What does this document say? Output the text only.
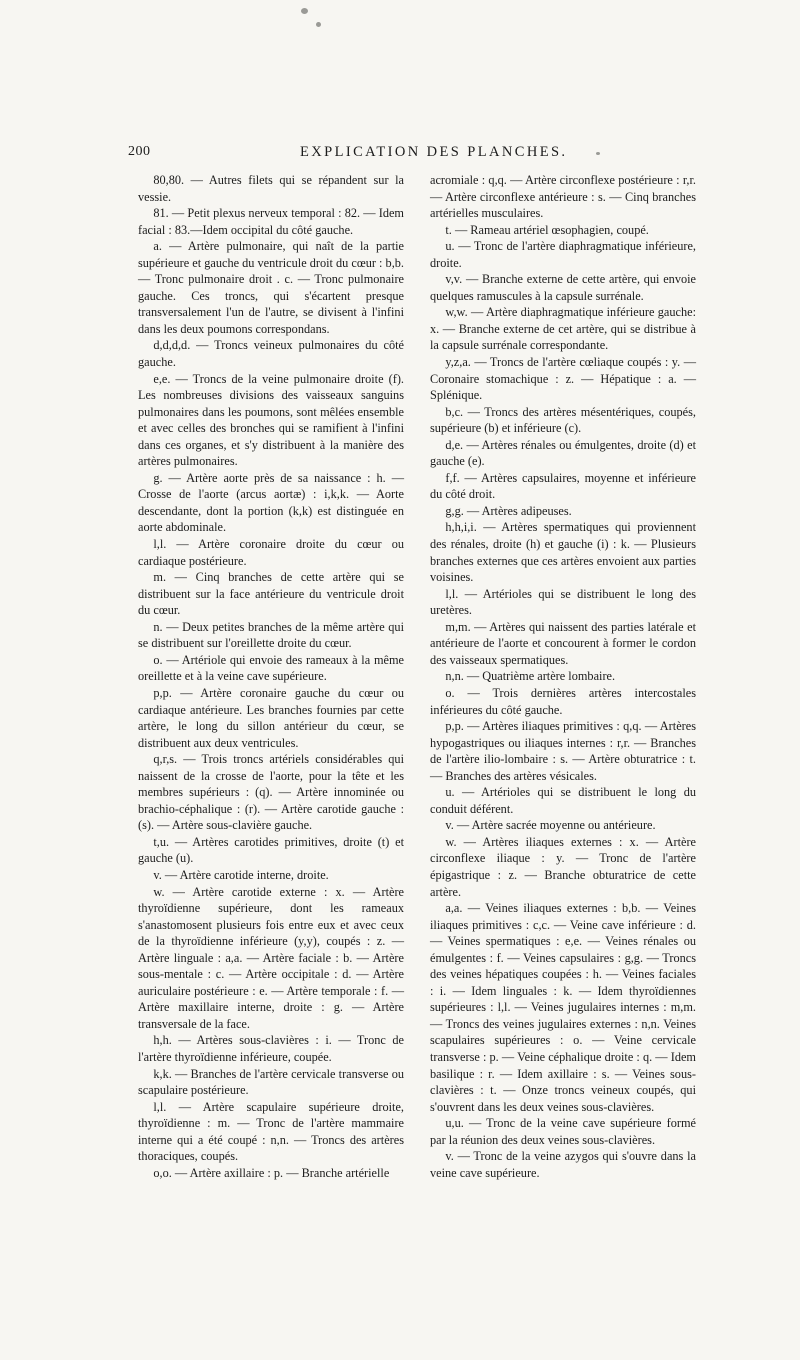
200	EXPLICATION DES PLANCHES.

80,80. — Autres filets qui se répandent sur la vessie.

81. — Petit plexus nerveux temporal : 82. — Idem facial : 83.—Idem occipital du côté gauche.

a. — Artère pulmonaire, qui naît de la partie supérieure et gauche du ventricule droit du cœur : b,b. — Tronc pulmonaire droit . c. — Tronc pulmonaire gauche. Ces troncs, qui s'écartent presque transversalement l'un de l'autre, se divisent à l'infini dans les deux poumons correspondans.

d,d,d,d. — Troncs veineux pulmonaires du côté gauche.

e,e. — Troncs de la veine pulmonaire droite (f). Les nombreuses divisions des vaisseaux sanguins pulmonaires dans les poumons, sont mêlées ensemble et avec celles des bronches qui se ramifient à l'infini dans ces organes, et s'y distribuent à la manière des artères pulmonaires.

g. — Artère aorte près de sa naissance : h. — Crosse de l'aorte (arcus aortæ) : i,k,k. — Aorte descendante, dont la portion (k,k) est distinguée en aorte abdominale.

l,l. — Artère coronaire droite du cœur ou cardiaque postérieure.

m. — Cinq branches de cette artère qui se distribuent sur la face antérieure du ventricule droit du cœur.

n. — Deux petites branches de la même artère qui se distribuent sur l'oreillette droite du cœur.

o. — Artériole qui envoie des rameaux à la même oreillette et à la veine cave supérieure.

p,p. — Artère coronaire gauche du cœur ou cardiaque antérieure. Les branches fournies par cette artère, le long du sillon antérieur du cœur, se distribuent aux deux ventricules.

q,r,s. — Trois troncs artériels considérables qui naissent de la crosse de l'aorte, pour la tête et les membres supérieurs : (q). — Artère innominée ou brachio-céphalique : (r). — Artère carotide gauche : (s). — Artère sous-clavière gauche.

t,u. — Artères carotides primitives, droite (t) et gauche (u).

v. — Artère carotide interne, droite.

w. — Artère carotide externe : x. — Artère thyroïdienne supérieure, dont les rameaux s'anastomosent plusieurs fois entre eux et avec ceux de la thyroïdienne inférieure (y,y), coupés : z. — Artère linguale : a,a. — Artère faciale : b. — Artère sous-mentale : c. — Artère occipitale : d. — Artère auriculaire postérieure : e. — Artère temporale : f. — Artère maxillaire interne, droite : g. — Artère transversale de la face.

h,h. — Artères sous-clavières : i. — Tronc de l'artère thyroïdienne inférieure, coupée.

k,k. — Branches de l'artère cervicale transverse ou scapulaire postérieure.

l,l. — Artère scapulaire supérieure droite, thyroïdienne : m. — Tronc de l'artère mammaire interne qui a été coupé : n,n. — Troncs des artères thoraciques, coupés.

o,o. — Artère axillaire : p. — Branche artérielle

acromiale : q,q. — Artère circonflexe postérieure : r,r. — Artère circonflexe antérieure : s. — Cinq branches artérielles musculaires.

t. — Rameau artériel œsophagien, coupé.

u. — Tronc de l'artère diaphragmatique inférieure, droite.

v,v. — Branche externe de cette artère, qui envoie quelques ramuscules à la capsule surrénale.

w,w. — Artère diaphragmatique inférieure gauche: x. — Branche externe de cet artère, qui se distribue à la capsule surrénale correspondante.

y,z,a. — Troncs de l'artère cœliaque coupés : y. — Coronaire stomachique : z. — Hépatique : a. — Splénique.

b,c. — Troncs des artères mésentériques, coupés, supérieure (b) et inférieure (c).

d,e. — Artères rénales ou émulgentes, droite (d) et gauche (e).

f,f. — Artères capsulaires, moyenne et inférieure du côté droit.

g,g. — Artères adipeuses.

h,h,i,i. — Artères spermatiques qui proviennent des rénales, droite (h) et gauche (i) : k. — Plusieurs branches externes que ces artères envoient aux parties voisines.

l,l. — Artérioles qui se distribuent le long des uretères.

m,m. — Artères qui naissent des parties latérale et antérieure de l'aorte et concourent à former le cordon des vaisseaux spermatiques.

n,n. — Quatrième artère lombaire.

o. — Trois dernières artères intercostales inférieures du côté gauche.

p,p. — Artères iliaques primitives : q,q. — Artères hypogastriques ou iliaques internes : r,r. — Branches de l'artère ilio-lombaire : s. — Artère obturatrice : t. — Branches des artères vésicales.

u. — Artérioles qui se distribuent le long du conduit déférent.

v. — Artère sacrée moyenne ou antérieure.

w. — Artères iliaques externes : x. — Artère circonflexe iliaque : y. — Tronc de l'artère épigastrique : z. — Branche obturatrice de cette artère.

a,a. — Veines iliaques externes : b,b. — Veines iliaques primitives : c,c. — Veine cave inférieure : d. — Veines spermatiques : e,e. — Veines rénales ou émulgentes : f. — Veines capsulaires : g,g. — Troncs des veines hépatiques coupées : h. — Veines faciales : i. — Idem linguales : k. — Idem thyroïdiennes supérieures : l,l. — Veines jugulaires internes : m,m. — Troncs des veines jugulaires externes : n,n. Veines scapulaires supérieures : o. — Veine cervicale transverse : p. — Veine céphalique droite : q. — Idem basilique : r. — Idem axillaire : s. — Veines sous-clavières : t. — Onze troncs veineux coupés, qui s'ouvrent dans les deux veines sous-clavières.

u,u. — Tronc de la veine cave supérieure formé par la réunion des deux veines sous-clavières.

v. — Tronc de la veine azygos qui s'ouvre dans la veine cave supérieure.
